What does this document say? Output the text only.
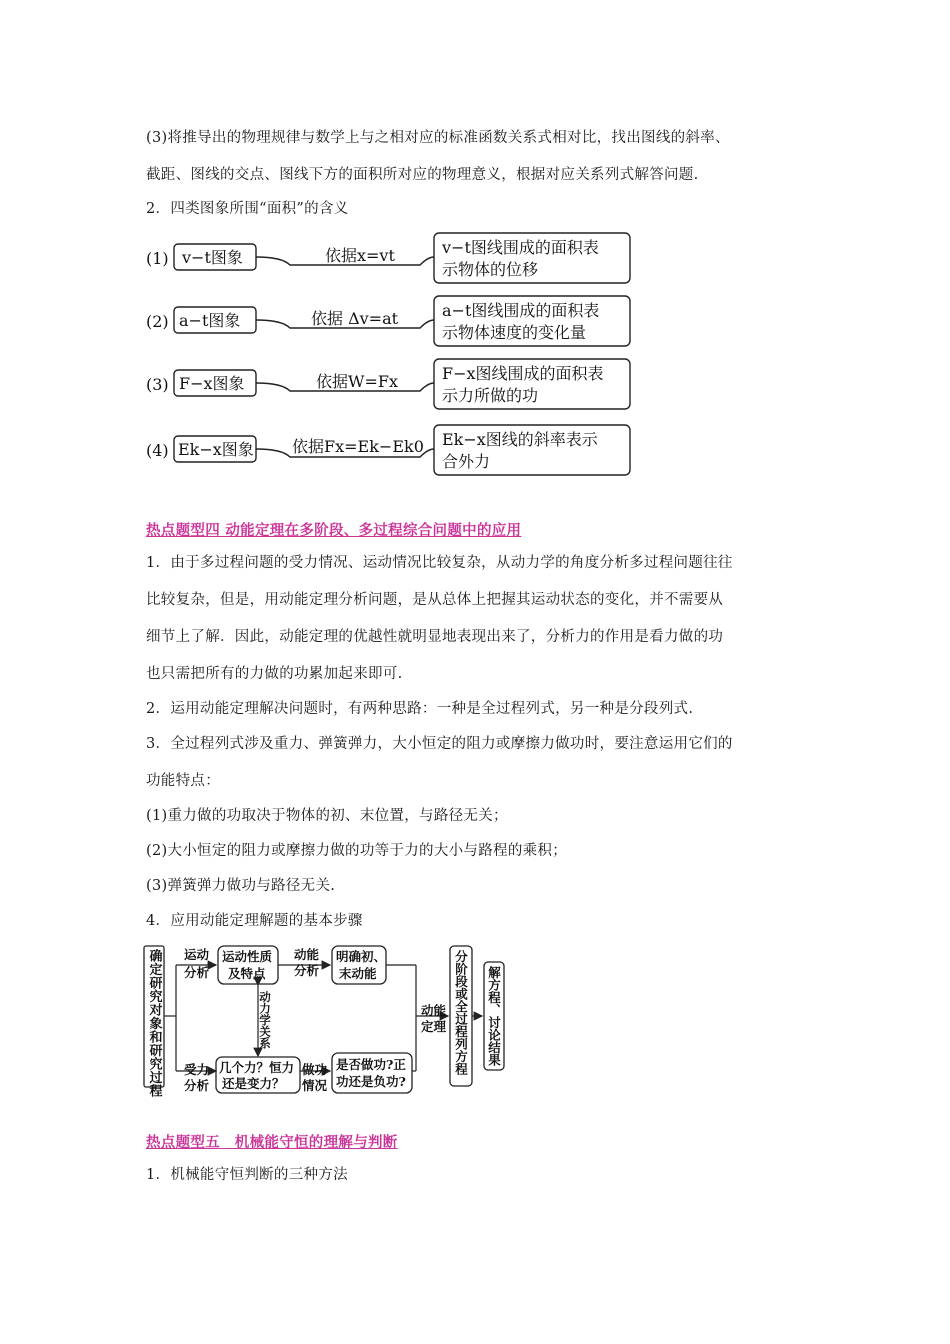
(3)将推导出的物理规律与数学上与之相对应的标准函数关系式相对比，找出图线的斜率、
截距、图线的交点、图线下方的面积所对应的物理意义，根据对应关系列式解答问题.
2．四类图象所围“面积”的含义
(1) v−t图象	依据x=vt	v−t图线围成的面积表
示物体的位移
(2) a−t图象	依据 Δv=at	a−t图线围成的面积表
示物体速度的变化量
(3) F−x图象	依据W=Fx	F−x图线围成的面积表
示力所做的功
(4) Ek−x图象 依据Fx=Ek−Ek0 Ek−x图线的斜率表示
合外力
热点题型四 动能定理在多阶段、多过程综合问题中的应用
1．由于多过程问题的受力情况、运动情况比较复杂，从动力学的角度分析多过程问题往往
比较复杂，但是，用动能定理分析问题，是从总体上把握其运动状态的变化，并不需要从
细节上了解．因此，动能定理的优越性就明显地表现出来了，分析力的作用是看力做的功
也只需把所有的力做的功累加起来即可.
2．运用动能定理解决问题时，有两种思路：一种是全过程列式，另一种是分段列式.
3．全过程列式涉及重力、弹簧弹力，大小恒定的阻力或摩擦力做功时，要注意运用它们的
功能特点：
(1)重力做的功取决于物体的初、末位置，与路径无关；
(2)大小恒定的阻力或摩擦力做的功等于力的大小与路程的乘积；
(3)弹簧弹力做功与路径无关.
4．应用动能定理解题的基本步骤
确定研究对象和研究过程 运动
分析
受力
分析
运动性质
及特点
几个力？恒力
还是变力？
动力学关系
动能
分析
明确初、
末动能
做功
情况
是否做功?正
功还是负功?
动能
定理 分阶段或全过程列方程 解方程、讨论结果
热点题型五　机械能守恒的理解与判断
1．机械能守恒判断的三种方法
